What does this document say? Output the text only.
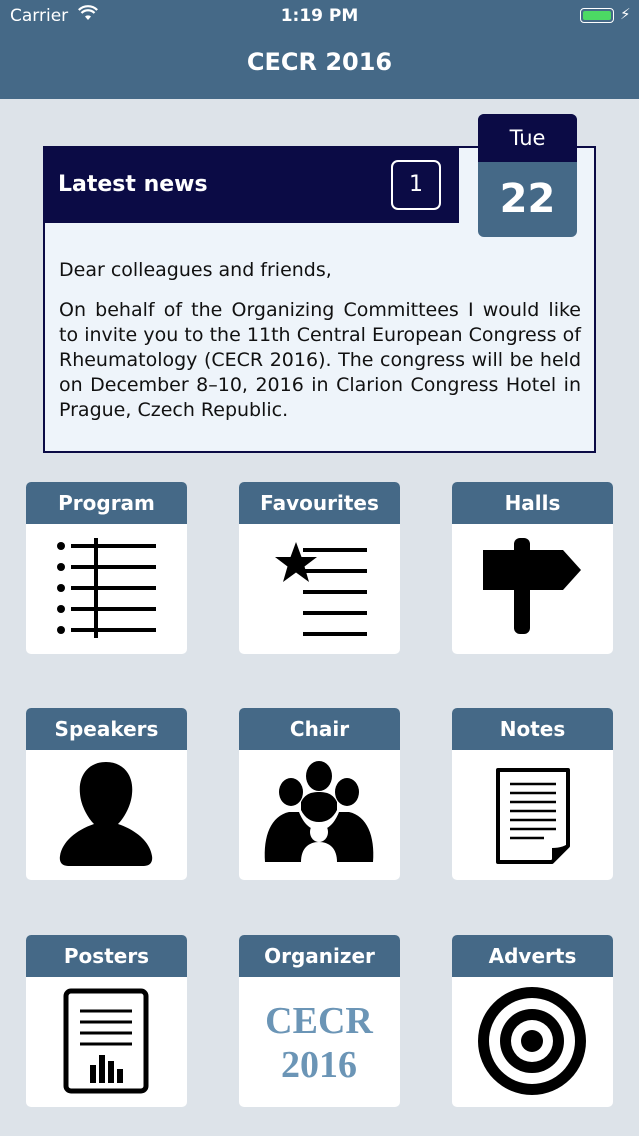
Carrier	1:19 PM	⚡
CECR 2016
Latest news	1

Dear colleagues and friends,

On behalf of the Organizing Committees I would like to invite you to the 11th Central European Congress of Rheumatology (CECR 2016). The congress will be held on December 8–10, 2016 in Clarion Congress Hotel in Prague, Czech Republic.

Tue
22
Program	Favourites	Halls
Speakers	Chair	Notes
Posters	Organizer
CECR
2016
Adverts
